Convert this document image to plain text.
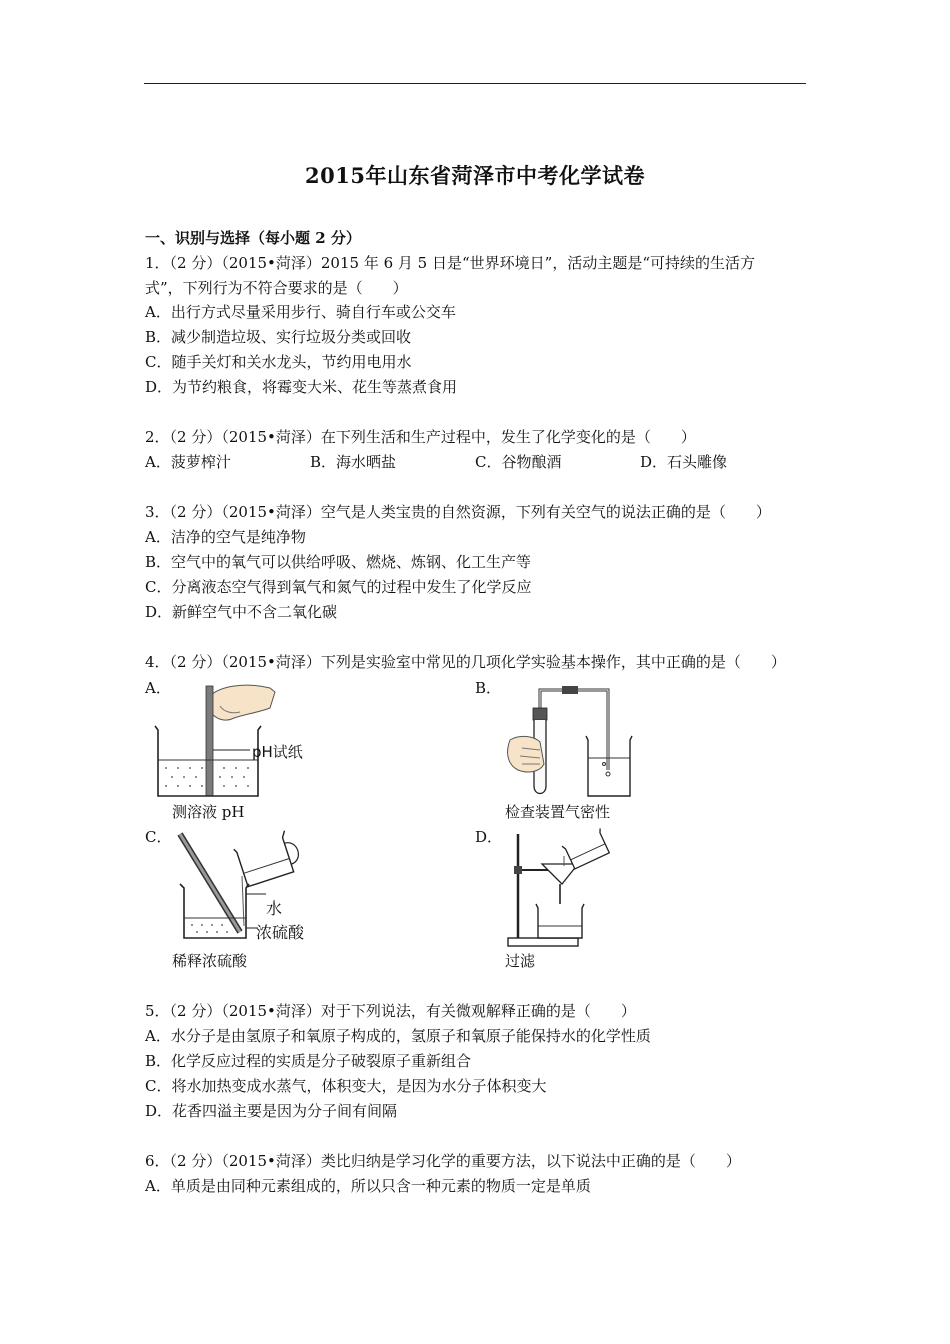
2015年山东省菏泽市中考化学试卷
一、识别与选择（每小题 2 分）
1．（2 分）（2015•菏泽）2015 年 6 月 5 日是“世界环境日”，活动主题是“可持续的生活方
式”，下列行为不符合要求的是（　　）
A．出行方式尽量采用步行、骑自行车或公交车
B．减少制造垃圾、实行垃圾分类或回收
C．随手关灯和关水龙头，节约用电用水
D．为节约粮食，将霉变大米、花生等蒸煮食用
2．（2 分）（2015•菏泽）在下列生活和生产过程中，发生了化学变化的是（　　）
A．菠萝榨汁	B．海水晒盐	C．谷物酿酒	D．石头雕像
3．（2 分）（2015•菏泽）空气是人类宝贵的自然资源，下列有关空气的说法正确的是（　　）
A．洁净的空气是纯净物
B．空气中的氧气可以供给呼吸、燃烧、炼钢、化工生产等
C．分离液态空气得到氧气和氮气的过程中发生了化学反应
D．新鲜空气中不含二氧化碳
4．（2 分）（2015•菏泽）下列是实验室中常见的几项化学实验基本操作，其中正确的是（　　）
A．	B．
pH试纸
测溶液 pH	检查装置气密性
C．	D．
水
浓硫酸
稀释浓硫酸	过滤
5．（2 分）（2015•菏泽）对于下列说法，有关微观解释正确的是（　　）
A．水分子是由氢原子和氧原子构成的，氢原子和氧原子能保持水的化学性质
B．化学反应过程的实质是分子破裂原子重新组合
C．将水加热变成水蒸气，体积变大，是因为水分子体积变大
D．花香四溢主要是因为分子间有间隔
6．（2 分）（2015•菏泽）类比归纳是学习化学的重要方法，以下说法中正确的是（　　）
A．单质是由同种元素组成的，所以只含一种元素的物质一定是单质
